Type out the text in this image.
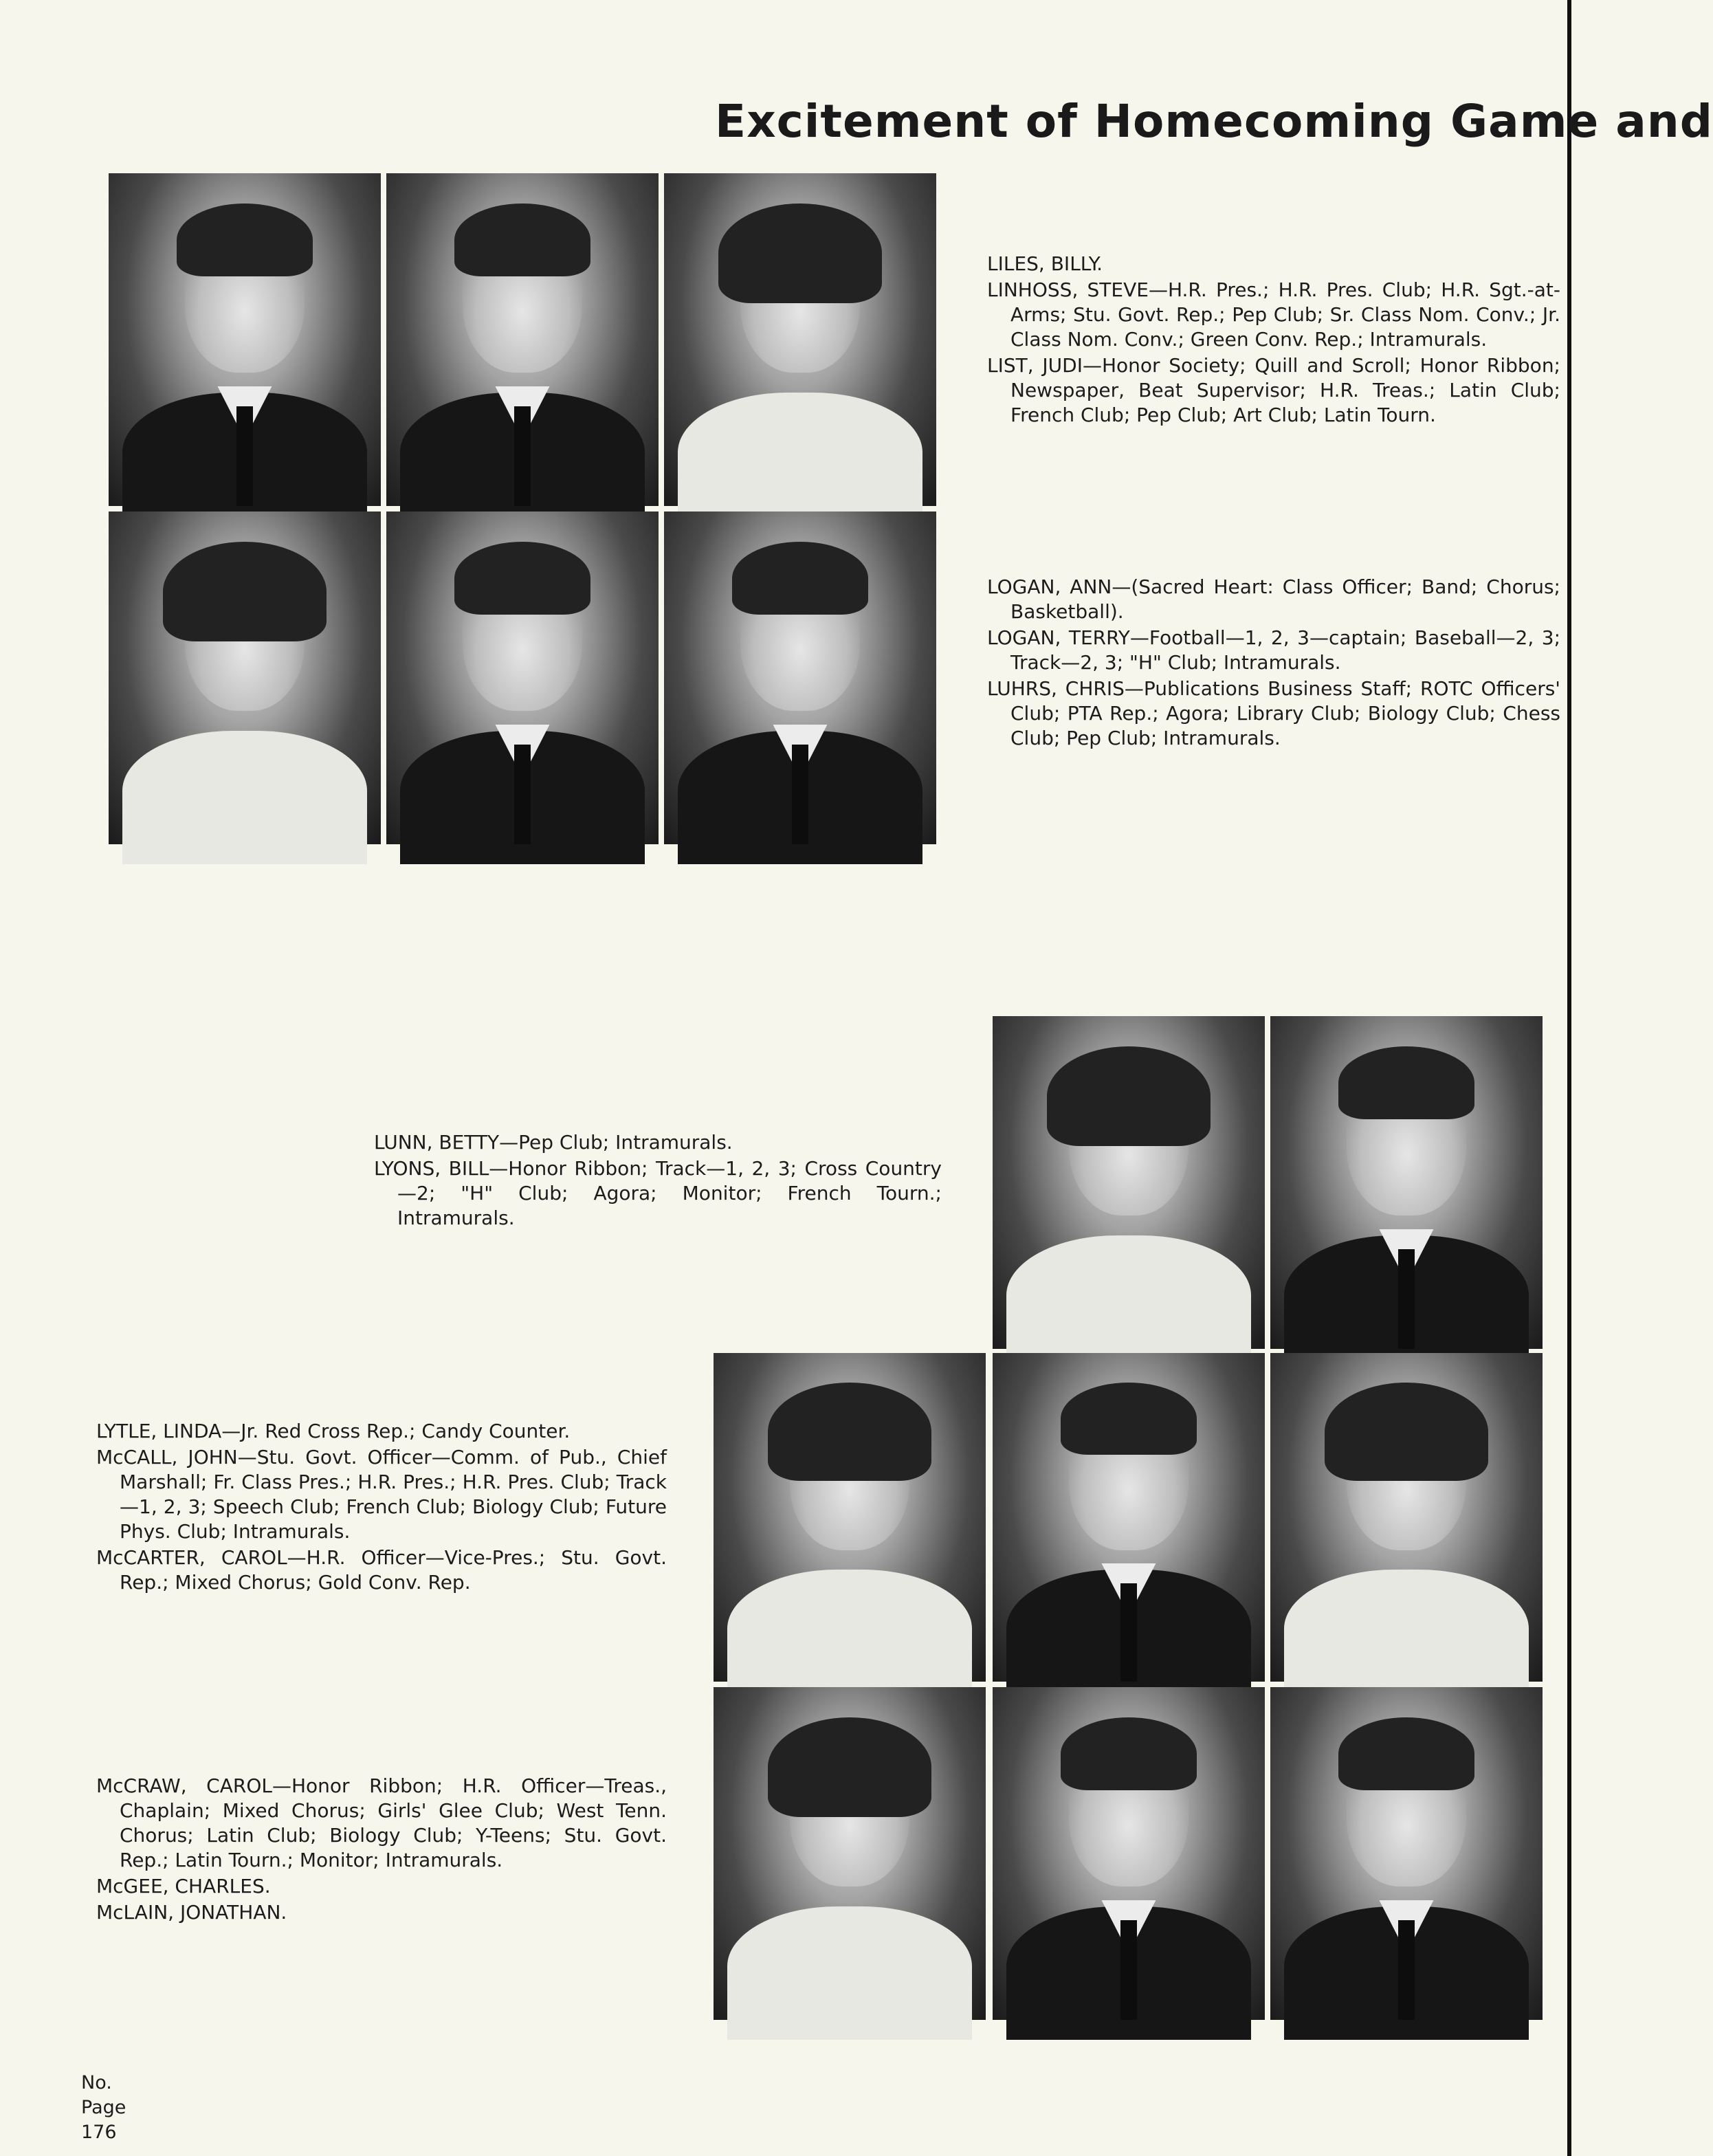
Excitement of Homecoming Game and
LILES, BILLY.
LINHOSS, STEVE—H.R. Pres.; H.R. Pres. Club; H.R. Sgt.-at-Arms; Stu. Govt. Rep.; Pep Club; Sr. Class Nom. Conv.; Jr. Class Nom. Conv.; Green Conv. Rep.; Intramurals.
LIST, JUDI—Honor Society; Quill and Scroll; Honor Ribbon; Newspaper, Beat Supervisor; H.R. Treas.; Latin Club; French Club; Pep Club; Art Club; Latin Tourn.
LOGAN, ANN—(Sacred Heart: Class Officer; Band; Chorus; Basketball).
LOGAN, TERRY—Football—1, 2, 3—captain; Baseball—2, 3; Track—2, 3; "H" Club; Intramurals.
LUHRS, CHRIS—Publications Business Staff; ROTC Officers' Club; PTA Rep.; Agora; Library Club; Biology Club; Chess Club; Pep Club; Intramurals.
LUNN, BETTY—Pep Club; Intramurals.
LYONS, BILL—Honor Ribbon; Track—1, 2, 3; Cross Country—2; "H" Club; Agora; Monitor; French Tourn.; Intramurals.
LYTLE, LINDA—Jr. Red Cross Rep.; Candy Counter.
McCALL, JOHN—Stu. Govt. Officer—Comm. of Pub., Chief Marshall; Fr. Class Pres.; H.R. Pres.; H.R. Pres. Club; Track—1, 2, 3; Speech Club; French Club; Biology Club; Future Phys. Club; Intramurals.
McCARTER, CAROL—H.R. Officer—Vice-Pres.; Stu. Govt. Rep.; Mixed Chorus; Gold Conv. Rep.
McCRAW, CAROL—Honor Ribbon; H.R. Officer—Treas., Chaplain; Mixed Chorus; Girls' Glee Club; West Tenn. Chorus; Latin Club; Biology Club; Y-Teens; Stu. Govt. Rep.; Latin Tourn.; Monitor; Intramurals.
McGEE, CHARLES.
McLAIN, JONATHAN.
No.
Page
176
